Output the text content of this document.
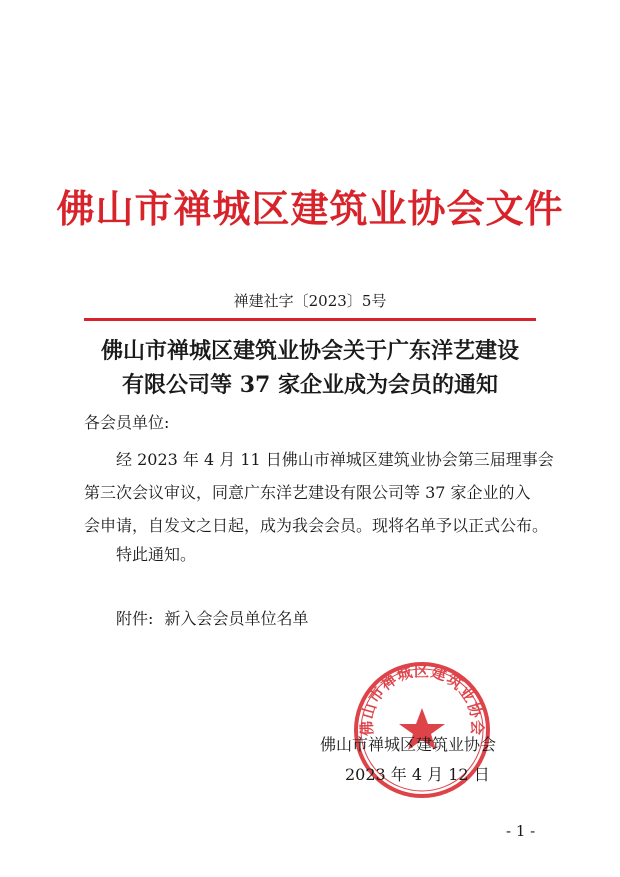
佛山市禅城区建筑业协会文件
禅建社字〔2023〕5号
佛山市禅城区建筑业协会关于广东洋艺建设
有限公司等 37 家企业成为会员的通知
各会员单位:

经 2023 年 4 月 11 日佛山市禅城区建筑业协会第三届理事会

第三次会议审议，同意广东洋艺建设有限公司等 37 家企业的入

会申请，自发文之日起，成为我会会员。现将名单予以正式公布。

特此通知。
附件: 新入会会员单位名单
佛山市禅城区建筑业协会
佛山市禅城区建筑业协会
2023 年 4 月 12 日
- 1 -
